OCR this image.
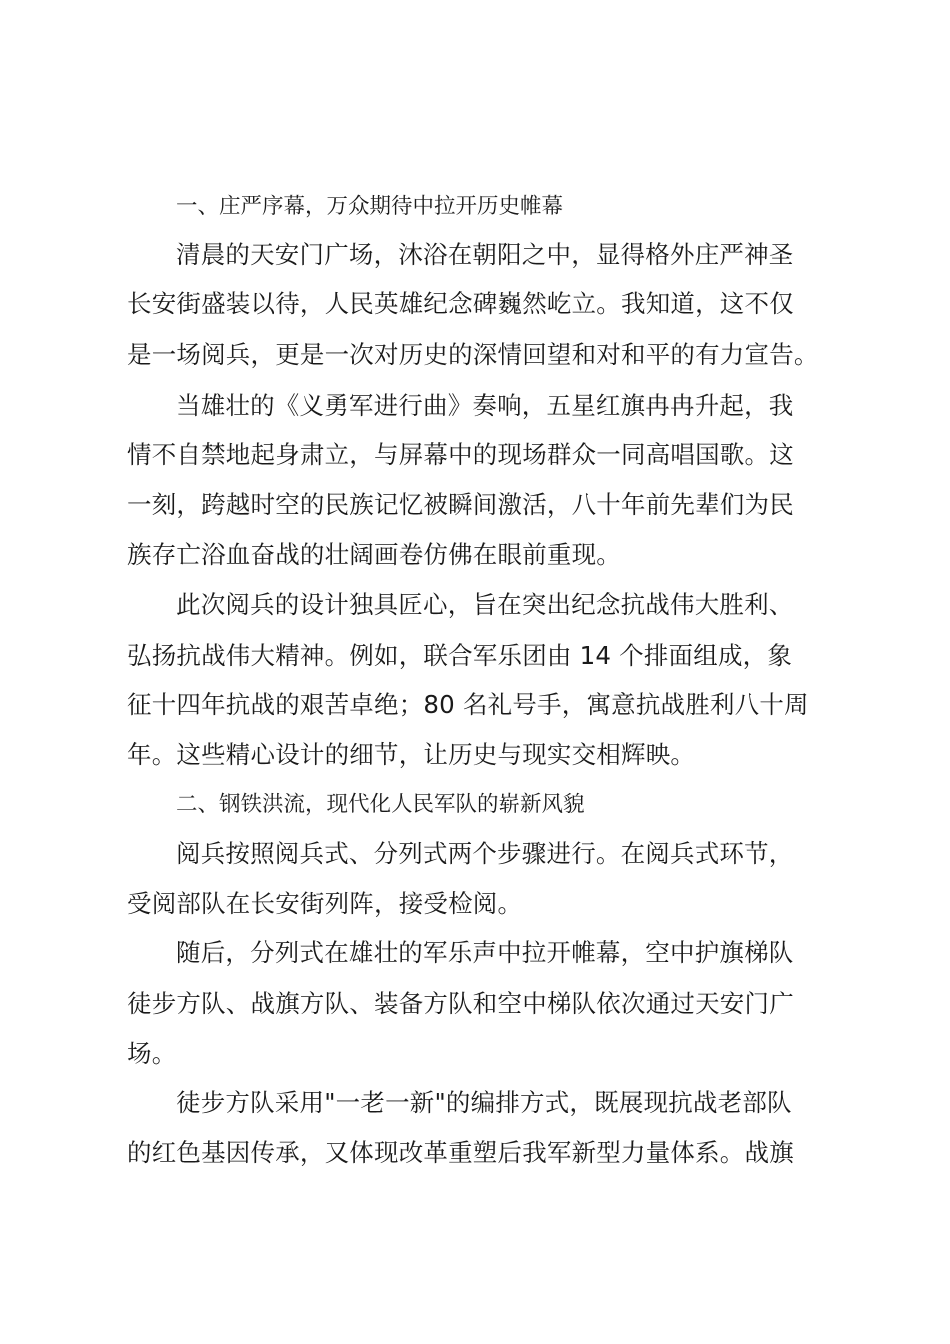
一、庄严序幕，万众期待中拉开历史帷幕
清晨的天安门广场，沐浴在朝阳之中，显得格外庄严神圣
长安街盛装以待，人民英雄纪念碑巍然屹立。我知道，这不仅
是一场阅兵，更是一次对历史的深情回望和对和平的有力宣告。
当雄壮的《义勇军进行曲》奏响，五星红旗冉冉升起，我
情不自禁地起身肃立，与屏幕中的现场群众一同高唱国歌。这
一刻，跨越时空的民族记忆被瞬间激活，八十年前先辈们为民
族存亡浴血奋战的壮阔画卷仿佛在眼前重现。
此次阅兵的设计独具匠心，旨在突出纪念抗战伟大胜利、
弘扬抗战伟大精神。例如，联合军乐团由 14 个排面组成，象
征十四年抗战的艰苦卓绝；80 名礼号手，寓意抗战胜利八十周
年。这些精心设计的细节，让历史与现实交相辉映。
二、钢铁洪流，现代化人民军队的崭新风貌
阅兵按照阅兵式、分列式两个步骤进行。在阅兵式环节，
受阅部队在长安街列阵，接受检阅。
随后，分列式在雄壮的军乐声中拉开帷幕，空中护旗梯队
徒步方队、战旗方队、装备方队和空中梯队依次通过天安门广
场。
徒步方队采用"一老一新"的编排方式，既展现抗战老部队
的红色基因传承，又体现改革重塑后我军新型力量体系。战旗
